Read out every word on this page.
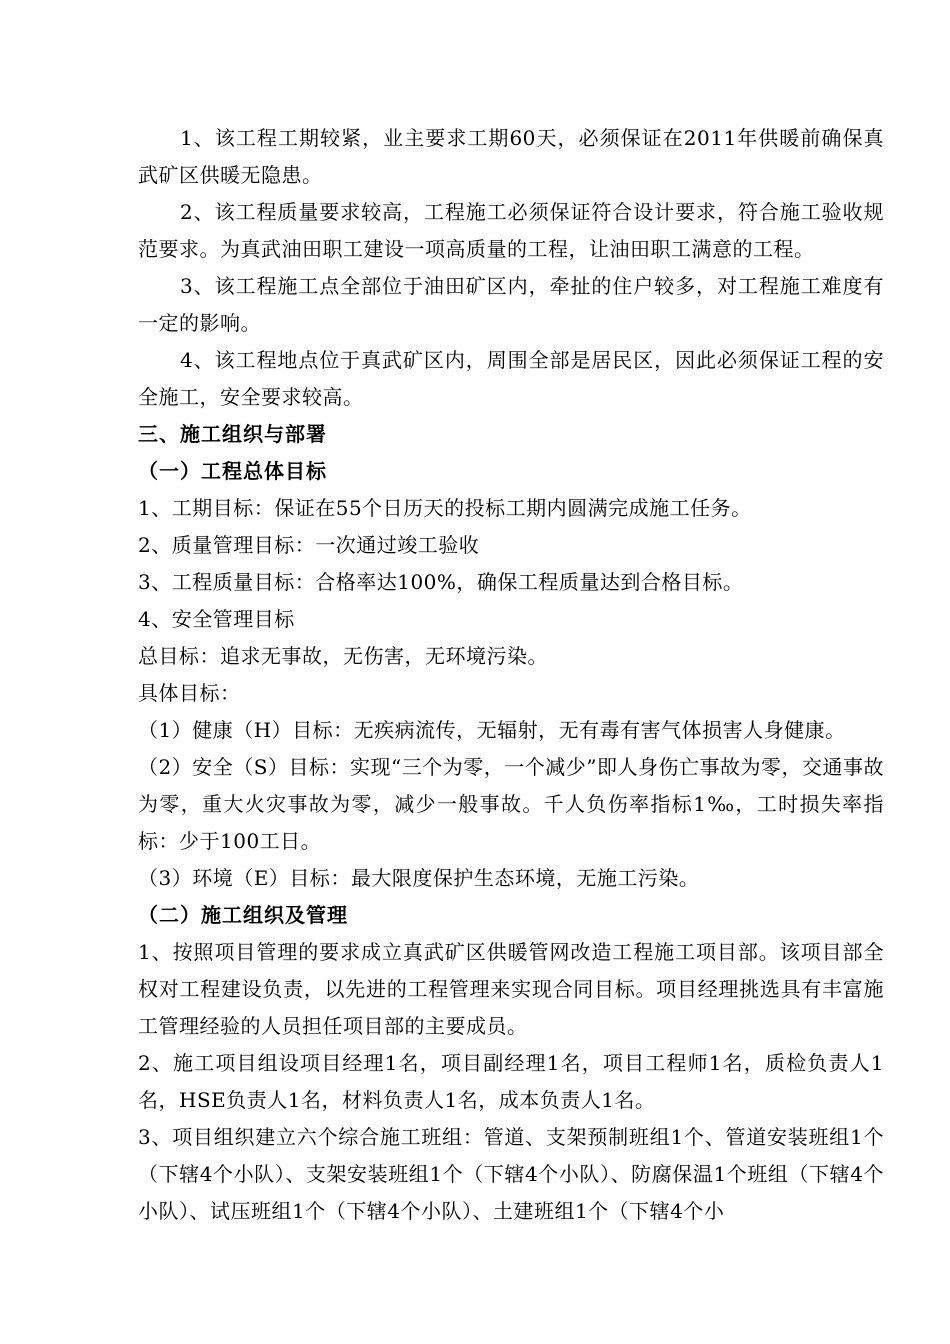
1、该工程工期较紧，业主要求工期60天，必须保证在2011年供暖前确保真武矿区供暖无隐患。

2、该工程质量要求较高，工程施工必须保证符合设计要求，符合施工验收规范要求。为真武油田职工建设一项高质量的工程，让油田职工满意的工程。

3、该工程施工点全部位于油田矿区内，牵扯的住户较多，对工程施工难度有一定的影响。

4、该工程地点位于真武矿区内，周围全部是居民区，因此必须保证工程的安全施工，安全要求较高。

三、施工组织与部署
（一）工程总体目标

1、工期目标：保证在55个日历天的投标工期内圆满完成施工任务。

2、质量管理目标：一次通过竣工验收

3、工程质量目标：合格率达100%，确保工程质量达到合格目标。

4、安全管理目标

总目标：追求无事故，无伤害，无环境污染。

具体目标：

（1）健康（H）目标：无疾病流传，无辐射，无有毒有害气体损害人身健康。

（2）安全（S）目标：实现“三个为零，一个减少”即人身伤亡事故为零，交通事故为零，重大火灾事故为零，减少一般事故。千人负伤率指标1‰，工时损失率指标：少于100工日。

（3）环境（E）目标：最大限度保护生态环境，无施工污染。

（二）施工组织及管理

1、按照项目管理的要求成立真武矿区供暖管网改造工程施工项目部。该项目部全权对工程建设负责，以先进的工程管理来实现合同目标。项目经理挑选具有丰富施工管理经验的人员担任项目部的主要成员。

2、施工项目组设项目经理1名，项目副经理1名，项目工程师1名，质检负责人1名，HSE负责人1名，材料负责人1名，成本负责人1名。

3、项目组织建立六个综合施工班组：管道、支架预制班组1个、管道安装班组1个（下辖4个小队）、支架安装班组1个（下辖4个小队）、防腐保温1个班组（下辖4个小队）、试压班组1个（下辖4个小队）、土建班组1个（下辖4个小
